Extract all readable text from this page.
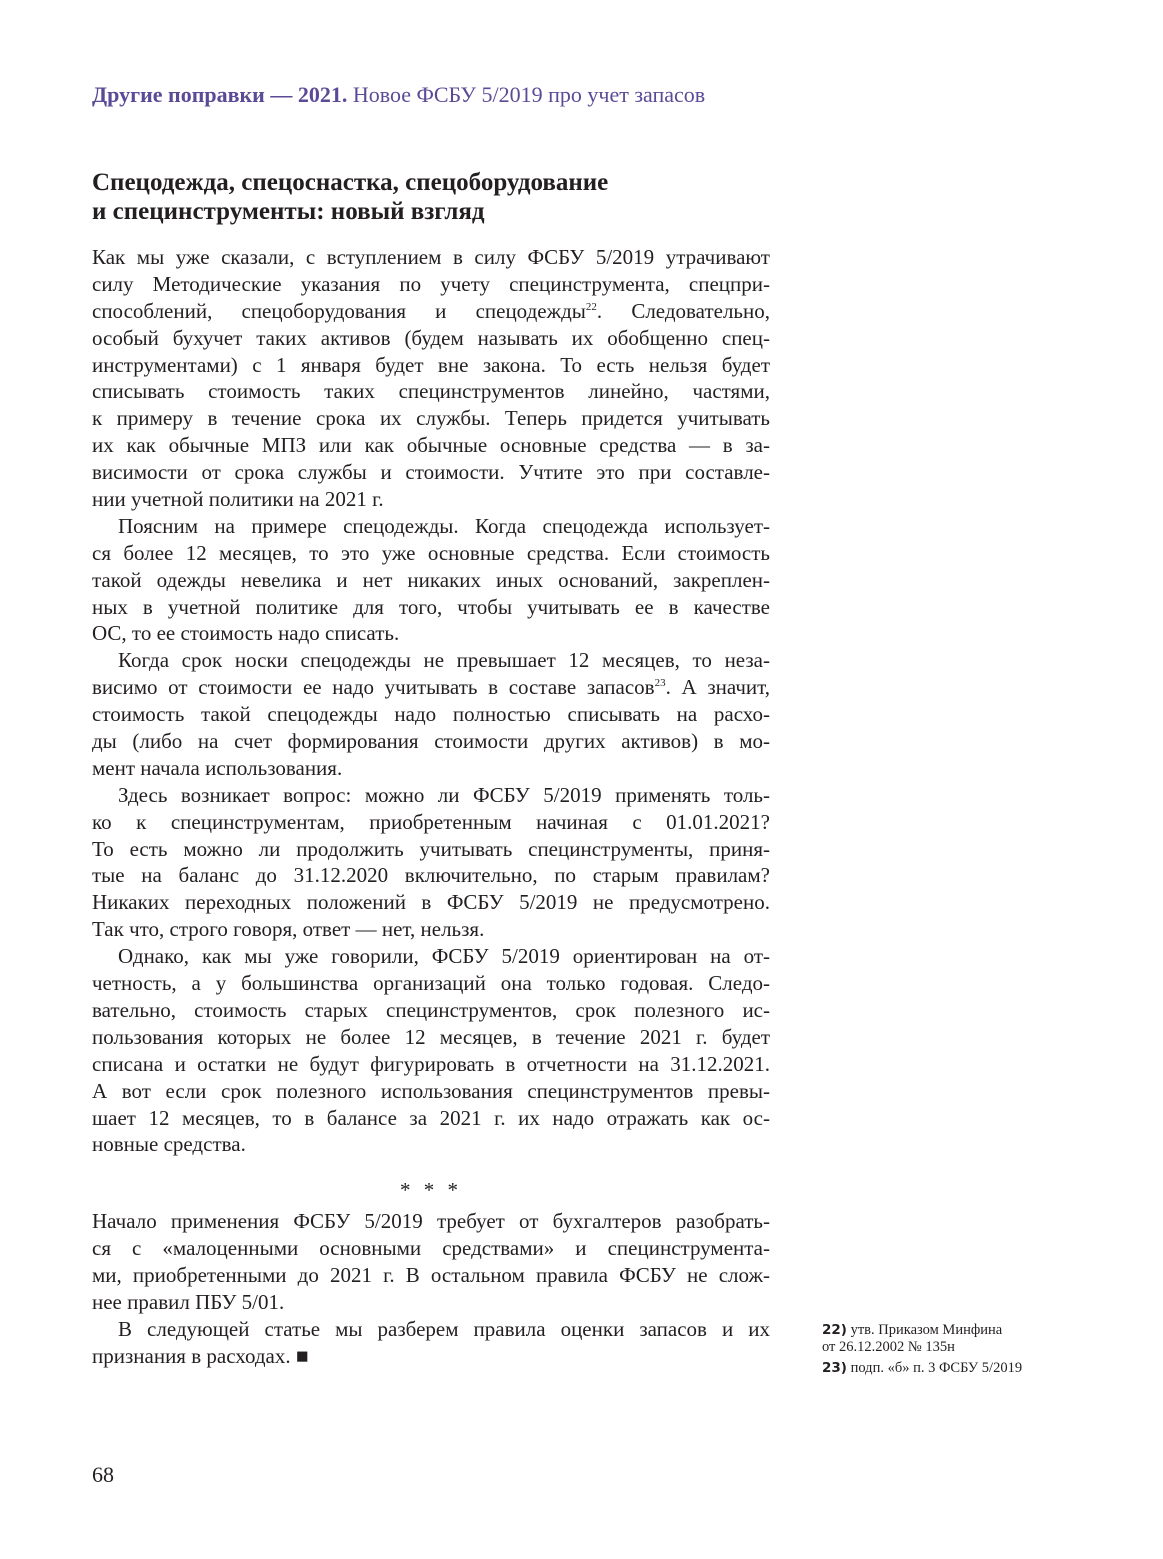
Другие поправки — 2021. Новое ФСБУ 5/2019 про учет запасов
Спецодежда, спецоснастка, спецоборудование
и специнструменты: новый взгляд
Как мы уже сказали, с вступлением в силу ФСБУ 5/2019 утрачивают
силу Методические указания по учету специнструмента, спецпри-
способлений, спецоборудования и спецодежды$^{22}$. Следовательно,
особый бухучет таких активов (будем называть их обобщенно спец-
инструментами) с 1 января будет вне закона. То есть нельзя будет
списывать стоимость таких специнструментов линейно, частями,
к примеру в течение срока их службы. Теперь придется учитывать
их как обычные МПЗ или как обычные основные средства — в за-
висимости от срока службы и стоимости. Учтите это при составле-
нии учетной политики на 2021 г.
Поясним на примере спецодежды. Когда спецодежда использует-
ся более 12 месяцев, то это уже основные средства. Если стоимость
такой одежды невелика и нет никаких иных оснований, закреплен-
ных в учетной политике для того, чтобы учитывать ее в качестве
ОС, то ее стоимость надо списать.
Когда срок носки спецодежды не превышает 12 месяцев, то неза-
висимо от стоимости ее надо учитывать в составе запасов$^{23}$. А значит,
стоимость такой спецодежды надо полностью списывать на расхо-
ды (либо на счет формирования стоимости других активов) в мо-
мент начала использования.
Здесь возникает вопрос: можно ли ФСБУ 5/2019 применять толь-
ко к специнструментам, приобретенным начиная с 01.01.2021?
То есть можно ли продолжить учитывать специнструменты, приня-
тые на баланс до 31.12.2020 включительно, по старым правилам?
Никаких переходных положений в ФСБУ 5/2019 не предусмотрено.
Так что, строго говоря, ответ — нет, нельзя.
Однако, как мы уже говорили, ФСБУ 5/2019 ориентирован на от-
четность, а у большинства организаций она только годовая. Следо-
вательно, стоимость старых специнструментов, срок полезного ис-
пользования которых не более 12 месяцев, в течение 2021 г. будет
списана и остатки не будут фигурировать в отчетности на 31.12.2021.
А вот если срок полезного использования специнструментов превы-
шает 12 месяцев, то в балансе за 2021 г. их надо отражать как ос-
новные средства.
* * *
Начало применения ФСБУ 5/2019 требует от бухгалтеров разобрать-
ся с «малоценными основными средствами» и специнструмента-
ми, приобретенными до 2021 г. В остальном правила ФСБУ не слож-
нее правил ПБУ 5/01.
В следующей статье мы разберем правила оценки запасов и их
признания в расходах. ■
22) утв. Приказом Минфина
от 26.12.2002 № 135н
23) подп. «б» п. 3 ФСБУ 5/2019
68
